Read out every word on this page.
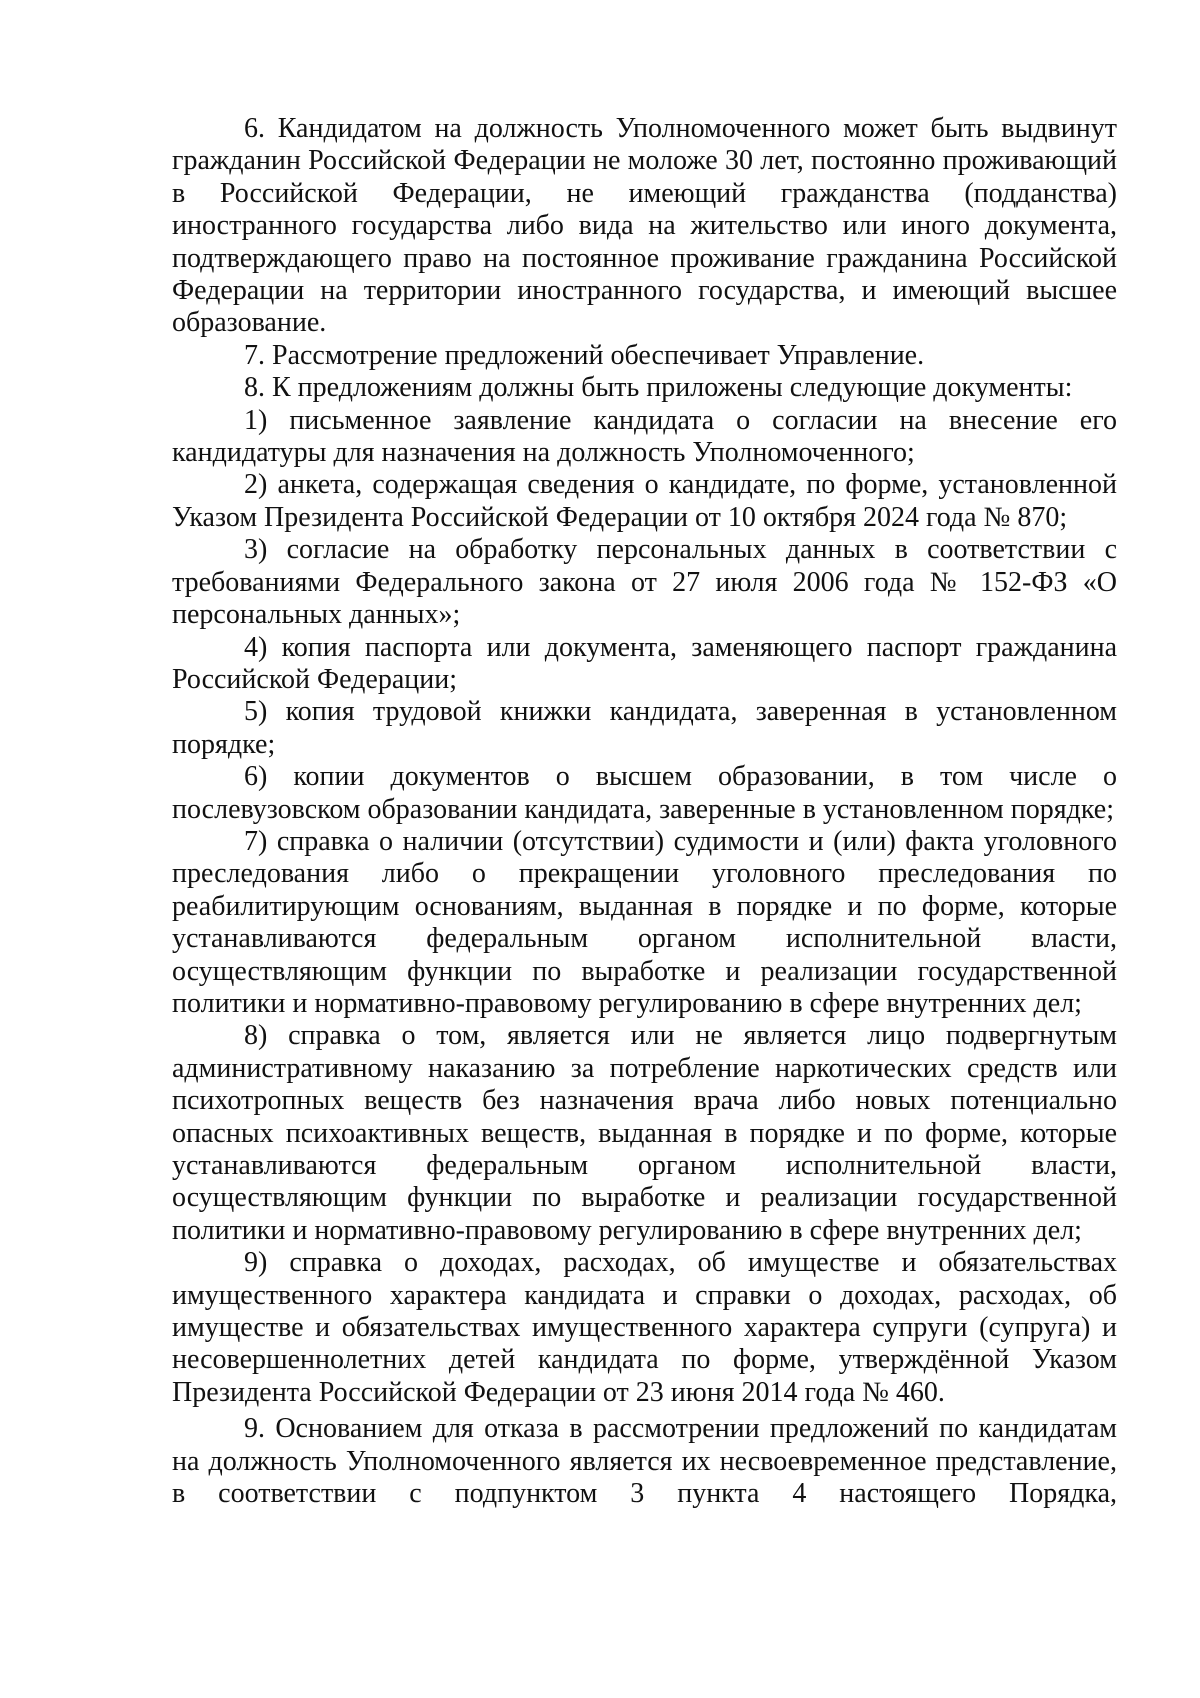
6. Кандидатом на должность Уполномоченного может быть выдвинут гражданин Российской Федерации не моложе 30 лет, постоянно проживающий в Российской Федерации, не имеющий гражданства (подданства) иностранного государства либо вида на жительство или иного документа, подтверждающего право на постоянное проживание гражданина Российской Федерации на территории иностранного государства, и имеющий высшее образование.

7. Рассмотрение предложений обеспечивает Управление.

8. К предложениям должны быть приложены следующие документы:

1) письменное заявление кандидата о согласии на внесение его кандидатуры для назначения на должность Уполномоченного;

2) анкета, содержащая сведения о кандидате, по форме, установленной Указом Президента Российской Федерации от 10 октября 2024 года № 870;

3) согласие на обработку персональных данных в соответствии с требованиями Федерального закона от 27 июля 2006 года № 152-ФЗ «О персональных данных»;

4) копия паспорта или документа, заменяющего паспорт гражданина Российской Федерации;

5) копия трудовой книжки кандидата, заверенная в установленном порядке;

6) копии документов о высшем образовании, в том числе о послевузовском образовании кандидата, заверенные в установленном порядке;

7) справка о наличии (отсутствии) судимости и (или) факта уголовного преследования либо о прекращении уголовного преследования по реабилитирующим основаниям, выданная в порядке и по форме, которые устанавливаются федеральным органом исполнительной власти, осуществляющим функции по выработке и реализации государственной политики и нормативно-правовому регулированию в сфере внутренних дел;

8) справка о том, является или не является лицо подвергнутым административному наказанию за потребление наркотических средств или психотропных веществ без назначения врача либо новых потенциально опасных психоактивных веществ, выданная в порядке и по форме, которые устанавливаются федеральным органом исполнительной власти, осуществляющим функции по выработке и реализации государственной политики и нормативно-правовому регулированию в сфере внутренних дел;

9) справка о доходах, расходах, об имуществе и обязательствах имущественного характера кандидата и справки о доходах, расходах, об имуществе и обязательствах имущественного характера супруги (супруга) и несовершеннолетних детей кандидата по форме, утверждённой Указом Президента Российской Федерации от 23 июня 2014 года № 460.

9. Основанием для отказа в рассмотрении предложений по кандидатам на должность Уполномоченного является их несвоевременное представление, в соответствии с подпунктом 3 пункта 4 настоящего Порядка,
